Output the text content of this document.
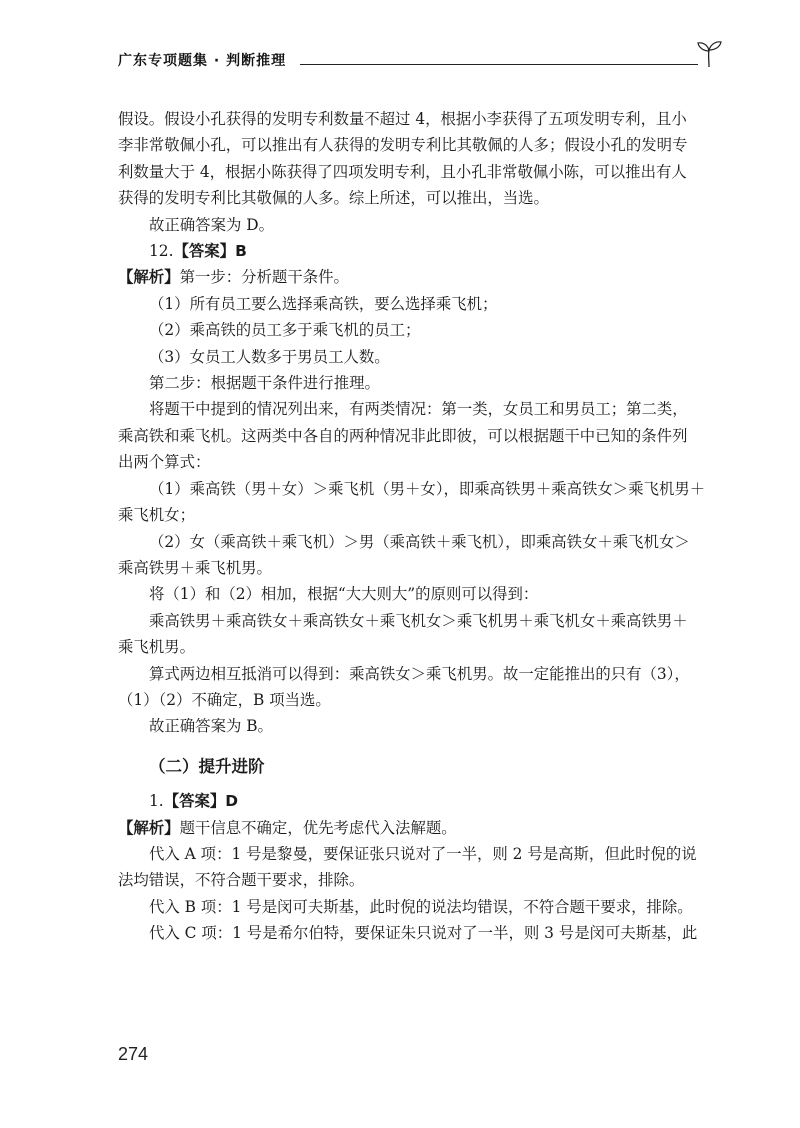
广东专项题集 · 判断推理

假设。假设小孔获得的发明专利数量不超过 4，根据小李获得了五项发明专利，且小

李非常敬佩小孔，可以推出有人获得的发明专利比其敬佩的人多；假设小孔的发明专

利数量大于 4，根据小陈获得了四项发明专利，且小孔非常敬佩小陈，可以推出有人

获得的发明专利比其敬佩的人多。综上所述，可以推出，当选。

故正确答案为 D。

12.【答案】B

【解析】第一步：分析题干条件。

（1）所有员工要么选择乘高铁，要么选择乘飞机；

（2）乘高铁的员工多于乘飞机的员工；

（3）女员工人数多于男员工人数。

第二步：根据题干条件进行推理。

将题干中提到的情况列出来，有两类情况：第一类，女员工和男员工；第二类，

乘高铁和乘飞机。这两类中各自的两种情况非此即彼，可以根据题干中已知的条件列

出两个算式：

（1）乘高铁（男＋女）＞乘飞机（男＋女），即乘高铁男＋乘高铁女＞乘飞机男＋

乘飞机女；

（2）女（乘高铁＋乘飞机）＞男（乘高铁＋乘飞机），即乘高铁女＋乘飞机女＞

乘高铁男＋乘飞机男。

将（1）和（2）相加，根据“大大则大”的原则可以得到：

乘高铁男＋乘高铁女＋乘高铁女＋乘飞机女＞乘飞机男＋乘飞机女＋乘高铁男＋

乘飞机男。

算式两边相互抵消可以得到：乘高铁女＞乘飞机男。故一定能推出的只有（3），

（1）（2）不确定，B 项当选。

故正确答案为 B。

（二）提升进阶

1.【答案】D

【解析】题干信息不确定，优先考虑代入法解题。

代入 A 项：1 号是黎曼，要保证张只说对了一半，则 2 号是高斯，但此时倪的说

法均错误，不符合题干要求，排除。

代入 B 项：1 号是闵可夫斯基，此时倪的说法均错误，不符合题干要求，排除。

代入 C 项：1 号是希尔伯特，要保证朱只说对了一半，则 3 号是闵可夫斯基，此

274
